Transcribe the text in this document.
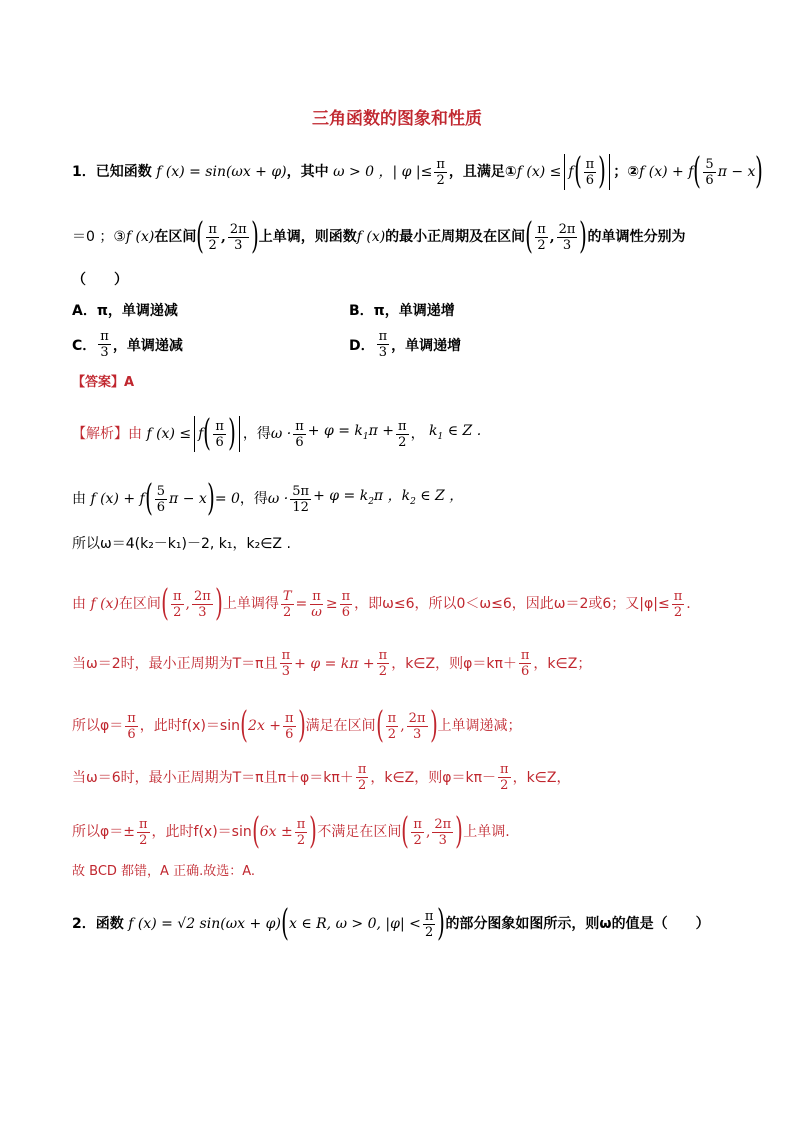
三角函数的图象和性质
1．已知函数 f (x) = sin(ωx + φ) ，其中 ω > 0 ，| φ |≤ $\frac{\pi}{2}$ ，且满足① f (x) ≤ f ( $\frac{\pi}{6}$ ) ；② f (x) + f ( $\frac{5}{6}$ π − x )
＝0 ；③ f (x) 在区间 ( $\frac{\pi}{2}$ , $\frac{2\pi}{3}$ ) 上单调，则函数 f (x) 的最小正周期及在区间 ( $\frac{\pi}{2}$ , $\frac{2\pi}{3}$ ) 的单调性分别为
（　　）
A．π，单调递减	B．π，单调递增
C． $\frac{\pi}{3}$ ，单调递减	D． $\frac{\pi}{3}$ ，单调递增
【答案】 A
【解析】 由 f (x) ≤ f ( $\frac{\pi}{6}$ ) ，得 $\omega \cdot \frac{\pi}{6} + \varphi = k_1\pi + \frac{\pi}{2}$ ， $k_1$ ∈ Z .
由 f (x) + f ( $\frac{5}{6}$ π − x ) = 0 ，得 $\omega \cdot \frac{5\pi}{12} + \varphi = k_2\pi$ ，$k_2$ ∈ Z ，
所以ω＝4(k₂－k₁)－2, k₁，k₂∈Z .
由 f (x) 在区间 ( $\frac{\pi}{2}$ , $\frac{2\pi}{3}$ ) 上单调得 $\frac{T}{2} = \frac{\pi}{\omega} \ge \frac{\pi}{6}$ ，即ω≤6，所以0＜ω≤6，因此ω＝2或6；又$|\varphi|\le \frac{\pi}{2}$ .
当ω＝2时，最小正周期为T＝π且 $\frac{\pi}{3} + \varphi = k\pi + \frac{\pi}{2}$ ，k∈Z，则$\varphi=k\pi+ \frac{\pi}{6}$ ，k∈Z；
所以$\varphi= \frac{\pi}{6}$ ，此时f(x)＝sin ( $2x + \frac{\pi}{6}$ ) 满足在区间 ( $\frac{\pi}{2}$ , $\frac{2\pi}{3}$ ) 上单调递减；
当ω＝6时，最小正周期为T＝π且$\pi+\varphi=k\pi+ \frac{\pi}{2}$ ，k∈Z，则$\varphi=k\pi- \frac{\pi}{2}$ ，k∈Z，
所以$\varphi=\pm \frac{\pi}{2}$ ，此时f(x)＝sin ( $6x \pm \frac{\pi}{2}$ ) 不满足在区间 ( $\frac{\pi}{2}$ , $\frac{2\pi}{3}$ ) 上单调.
故 BCD 都错，A 正确.故选：A.
2．函数 f (x) = √2 sin(ωx + φ) ( x ∈ R, ω > 0, $|\varphi| < \frac{\pi}{2}$ ) 的部分图象如图所示，则ω的值是（　　）
